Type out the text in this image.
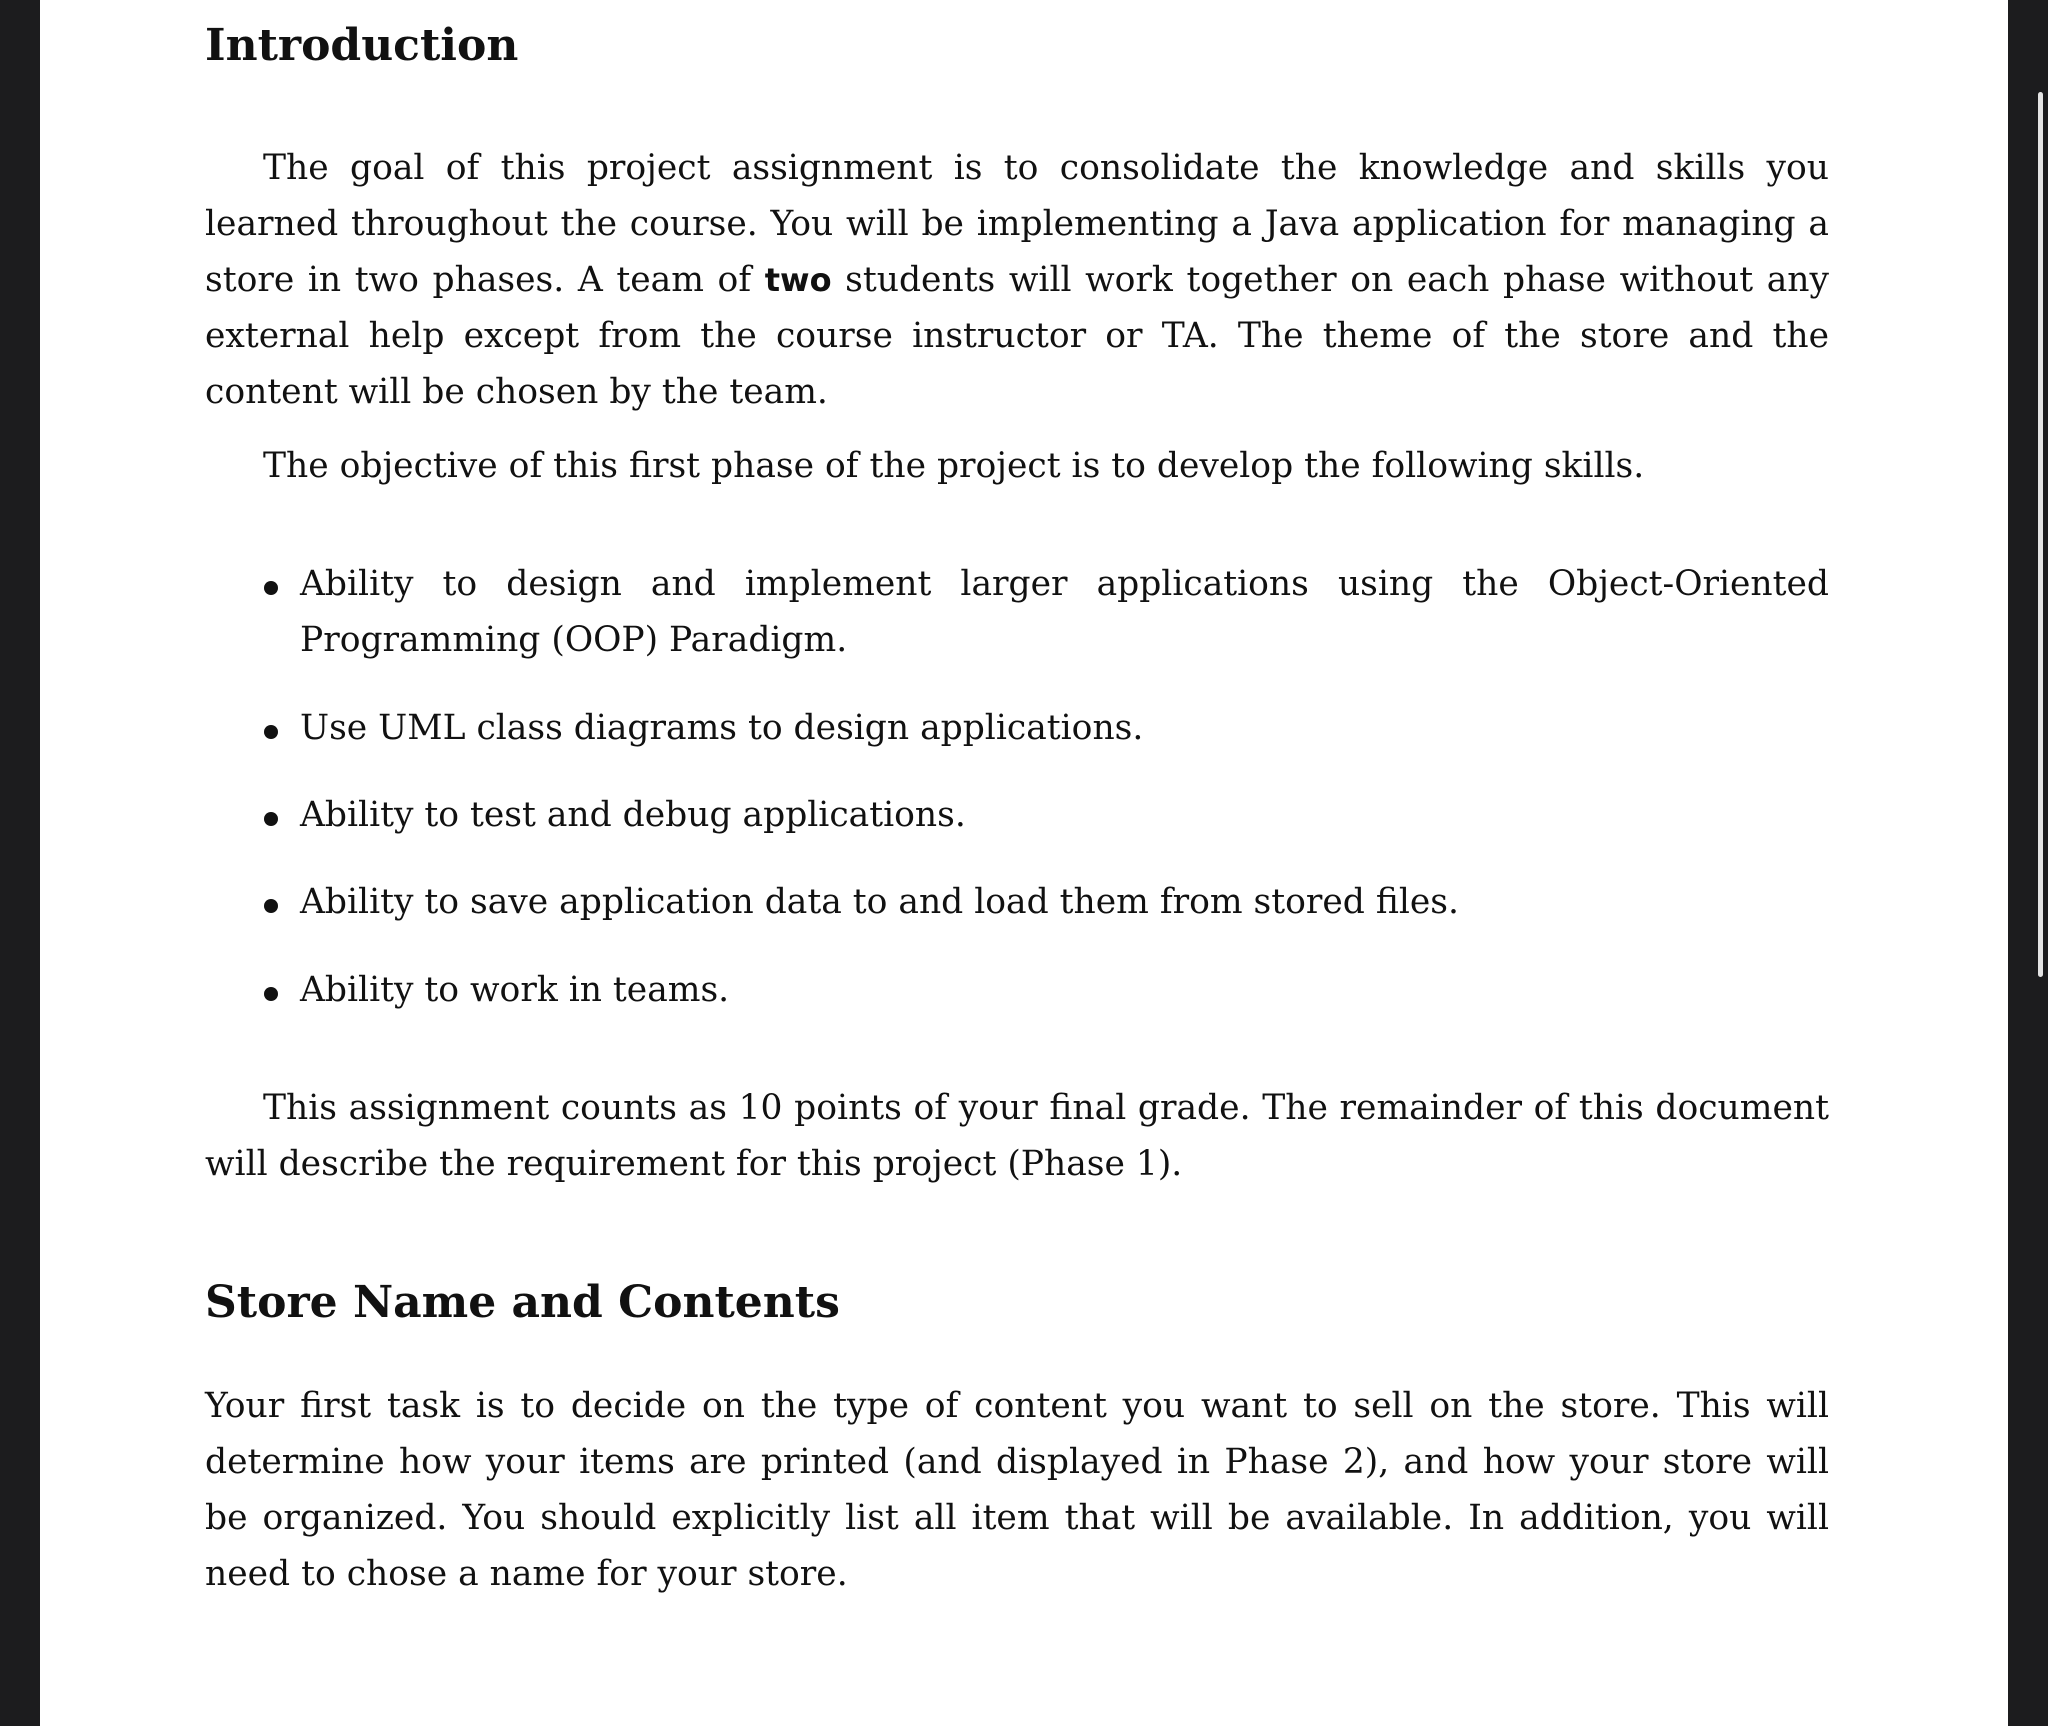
Introduction

The goal of this project assignment is to consolidate the knowledge and skills you learned throughout the course. You will be implementing a Java application for managing a store in two phases. A team of two students will work together on each phase without any external help except from the course instructor or TA. The theme of the store and the content will be chosen by the team.

The objective of this first phase of the project is to develop the following skills.

Ability to design and implement larger applications using the Object-Oriented Programming (OOP) Paradigm.
Use UML class diagrams to design applications.
Ability to test and debug applications.
Ability to save application data to and load them from stored files.
Ability to work in teams.

This assignment counts as 10 points of your final grade. The remainder of this document will describe the requirement for this project (Phase 1).

Store Name and Contents

Your first task is to decide on the type of content you want to sell on the store. This will determine how your items are printed (and displayed in Phase 2), and how your store will be organized. You should explicitly list all item that will be available. In addition, you will need to chose a name for your store.
